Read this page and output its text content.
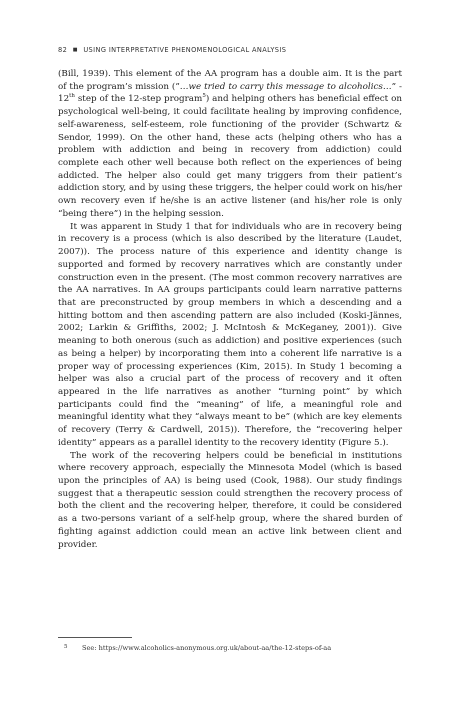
82 ■ USING INTERPRETATIVE PHENOMENOLOGICAL ANALYSIS

(Bill, 1939). This element of the AA program has a double aim. It is the part of the program’s mission (”…we tried to carry this message to alcoholics…” - 12th step of the 12-step program$^5$) and helping others has beneficial effect on psychological well-being, it could facilitate healing by improving confidence, self-awareness, self-esteem, role functioning of the provider (Schwartz & Sendor, 1999). On the other hand, these acts (helping others who has a problem with addiction and being in recovery from addiction) could complete each other well because both reflect on the experiences of being addicted. The helper also could get many triggers from their patient’s addiction story, and by using these triggers, the helper could work on his/her own recovery even if he/she is an active listener (and his/her role is only “being there”) in the helping session.

It was apparent in Study 1 that for individuals who are in recovery being in recovery is a process (which is also described by the literature (Laudet, 2007)). The process nature of this experience and identity change is supported and formed by recovery narratives which are constantly under construction even in the present. (The most common recovery narratives are the AA narratives. In AA groups participants could learn narrative patterns that are preconstructed by group members in which a descending and a hitting bottom and then ascending pattern are also included (Koski-Jännes, 2002; Larkin & Griffiths, 2002; J. McIntosh & McKeganey, 2001)). Give meaning to both onerous (such as addiction) and positive experiences (such as being a helper) by incorporating them into a coherent life narrative is a proper way of processing experiences (Kim, 2015). In Study 1 becoming a helper was also a crucial part of the process of recovery and it often appeared in the life narratives as another “turning point” by which participants could find the “meaning” of life, a meaningful role and meaningful identity what they “always meant to be” (which are key elements of recovery (Terry & Cardwell, 2015)). Therefore, the “recovering helper identity” appears as a parallel identity to the recovery identity (Figure 5.).

The work of the recovering helpers could be beneficial in institutions where recovery approach, especially the Minnesota Model (which is based upon the principles of AA) is being used (Cook, 1988). Our study findings suggest that a therapeutic session could strengthen the recovery process of both the client and the recovering helper, therefore, it could be considered as a two-persons variant of a self-help group, where the shared burden of fighting against addiction could mean an active link between client and provider.

5 See: https://www.alcoholics-anonymous.org.uk/about-aa/the-12-steps-of-aa
